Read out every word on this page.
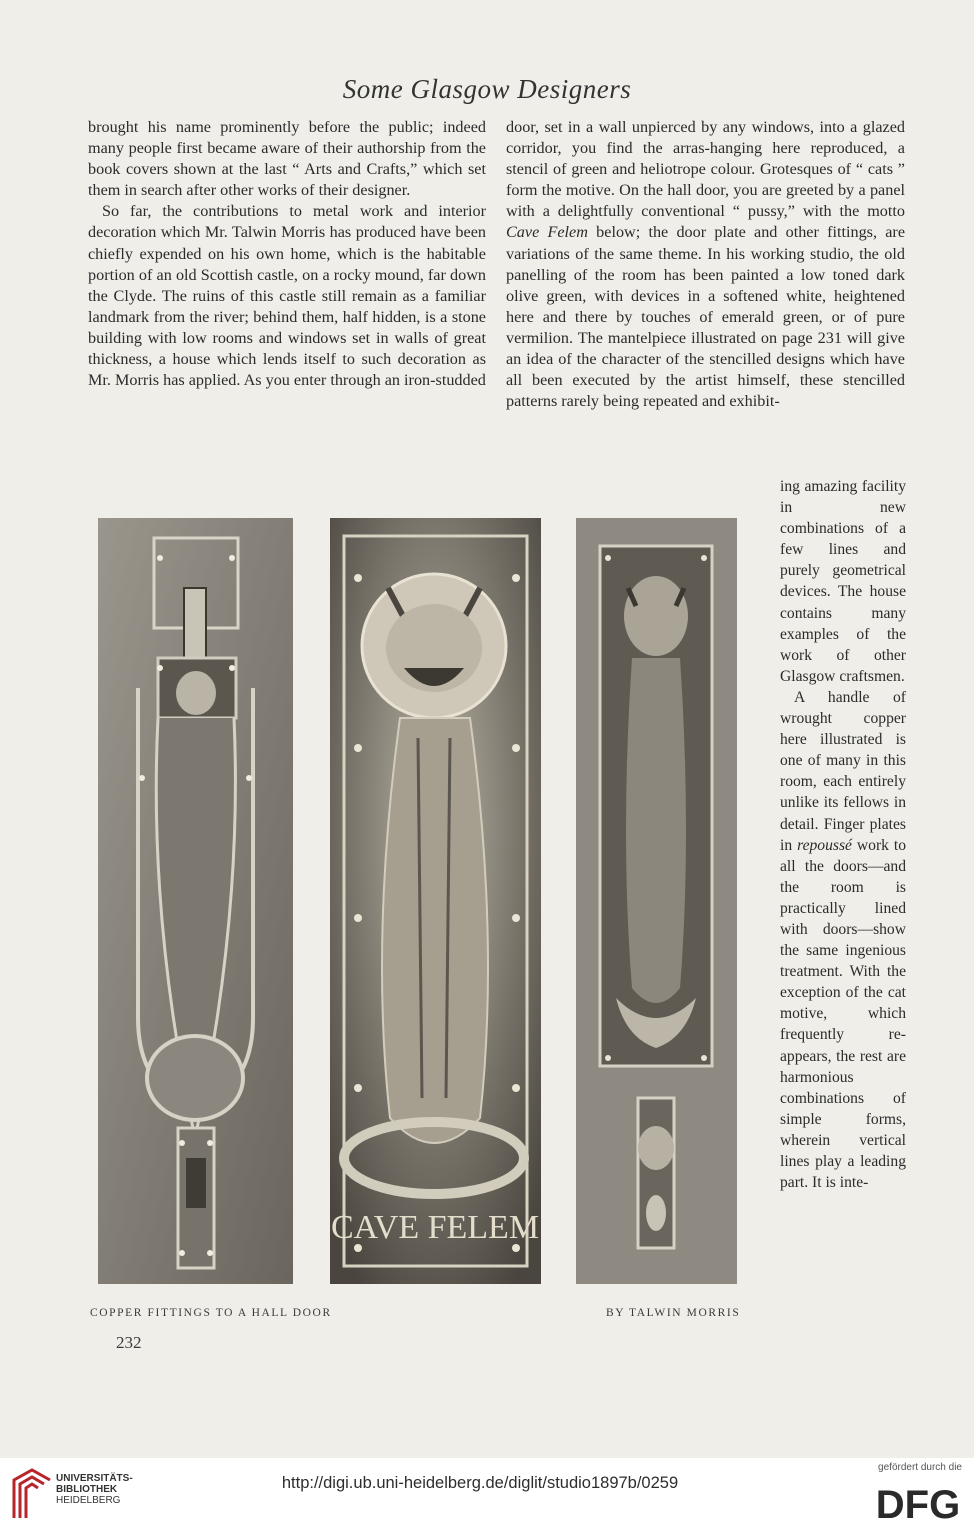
Some Glasgow Designers

brought his name prominently before the public; indeed many people first became aware of their authorship from the book covers shown at the last “ Arts and Crafts,” which set them in search after other works of their designer.

So far, the contributions to metal work and interior decoration which Mr. Talwin Morris has produced have been chiefly expended on his own home, which is the habitable portion of an old Scottish castle, on a rocky mound, far down the Clyde. The ruins of this castle still remain as a familiar landmark from the river; behind them, half hidden, is a stone building with low rooms and windows set in walls of great thickness, a house which lends itself to such decoration as Mr. Morris has applied. As you enter through an iron-studded

door, set in a wall unpierced by any windows, into a glazed corridor, you find the arras-hanging here reproduced, a stencil of green and heliotrope colour. Grotesques of “ cats ” form the motive. On the hall door, you are greeted by a panel with a delightfully conventional “ pussy,” with the motto Cave Felem below; the door plate and other fittings, are variations of the same theme. In his working studio, the old panelling of the room has been painted a low toned dark olive green, with devices in a softened white, heightened here and there by touches of emerald green, or of pure vermilion. The mantelpiece illustrated on page 231 will give an idea of the character of the stencilled designs which have all been executed by the artist himself, these stencilled patterns rarely being repeated and exhibit-

ing amazing facility in new combinations of a few lines and purely geometrical devices. The house contains many examples of the work of other Glasgow craftsmen.

A handle of wrought copper here illustrated is one of many in this room, each entirely unlike its fellows in detail. Finger plates in repoussé work to all the doors—and the room is practically lined with doors—show the same ingenious treatment. With the exception of the cat motive, which frequently re-appears, the rest are harmonious combinations of simple forms, wherein vertical lines play a leading part. It is inte-

CAVE FELEM
COPPER FITTINGS TO A HALL DOOR	BY TALWIN MORRIS
232
UNIVERSITÄTS-
BIBLIOTHEK
HEIDELBERG
http://digi.ub.uni-heidelberg.de/diglit/studio1897b/0259
gefördert durch die
DFG
